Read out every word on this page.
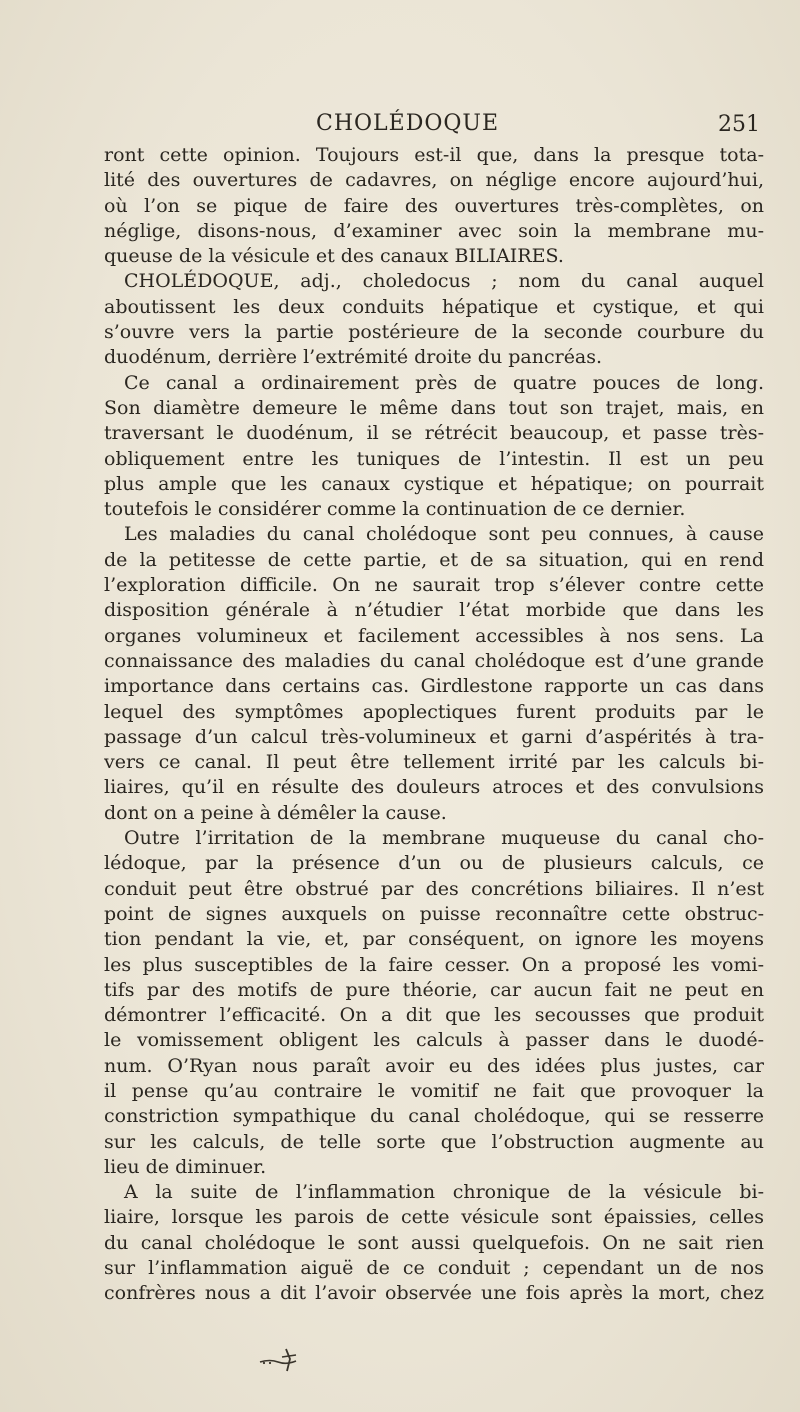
CHOLÉDOQUE	251
ront cette opinion. Toujours est-il que, dans la presque tota-
lité des ouvertures de cadavres, on néglige encore aujourd’hui,
où l’on se pique de faire des ouvertures très-complètes, on
néglige, disons-nous, d’examiner avec soin la membrane mu-
queuse de la vésicule et des canaux BILIAIRES.
CHOLÉDOQUE, adj., choledocus ; nom du canal auquel
aboutissent les deux conduits hépatique et cystique, et qui
s’ouvre vers la partie postérieure de la seconde courbure du
duodénum, derrière l’extrémité droite du pancréas.
Ce canal a ordinairement près de quatre pouces de long.
Son diamètre demeure le même dans tout son trajet, mais, en
traversant le duodénum, il se rétrécit beaucoup, et passe très-
obliquement entre les tuniques de l’intestin. Il est un peu
plus ample que les canaux cystique et hépatique; on pourrait
toutefois le considérer comme la continuation de ce dernier.
Les maladies du canal cholédoque sont peu connues, à cause
de la petitesse de cette partie, et de sa situation, qui en rend
l’exploration difficile. On ne saurait trop s’élever contre cette
disposition générale à n’étudier l’état morbide que dans les
organes volumineux et facilement accessibles à nos sens. La
connaissance des maladies du canal cholédoque est d’une grande
importance dans certains cas. Girdlestone rapporte un cas dans
lequel des symptômes apoplectiques furent produits par le
passage d’un calcul très-volumineux et garni d’aspérités à tra-
vers ce canal. Il peut être tellement irrité par les calculs bi-
liaires, qu’il en résulte des douleurs atroces et des convulsions
dont on a peine à démêler la cause.
Outre l’irritation de la membrane muqueuse du canal cho-
lédoque, par la présence d’un ou de plusieurs calculs, ce
conduit peut être obstrué par des concrétions biliaires. Il n’est
point de signes auxquels on puisse reconnaître cette obstruc-
tion pendant la vie, et, par conséquent, on ignore les moyens
les plus susceptibles de la faire cesser. On a proposé les vomi-
tifs par des motifs de pure théorie, car aucun fait ne peut en
démontrer l’efficacité. On a dit que les secousses que produit
le vomissement obligent les calculs à passer dans le duodé-
num. O’Ryan nous paraît avoir eu des idées plus justes, car
il pense qu’au contraire le vomitif ne fait que provoquer la
constriction sympathique du canal cholédoque, qui se resserre
sur les calculs, de telle sorte que l’obstruction augmente au
lieu de diminuer.
A la suite de l’inflammation chronique de la vésicule bi-
liaire, lorsque les parois de cette vésicule sont épaissies, celles
du canal cholédoque le sont aussi quelquefois. On ne sait rien
sur l’inflammation aiguë de ce conduit ; cependant un de nos
confrères nous a dit l’avoir observée une fois après la mort, chez
